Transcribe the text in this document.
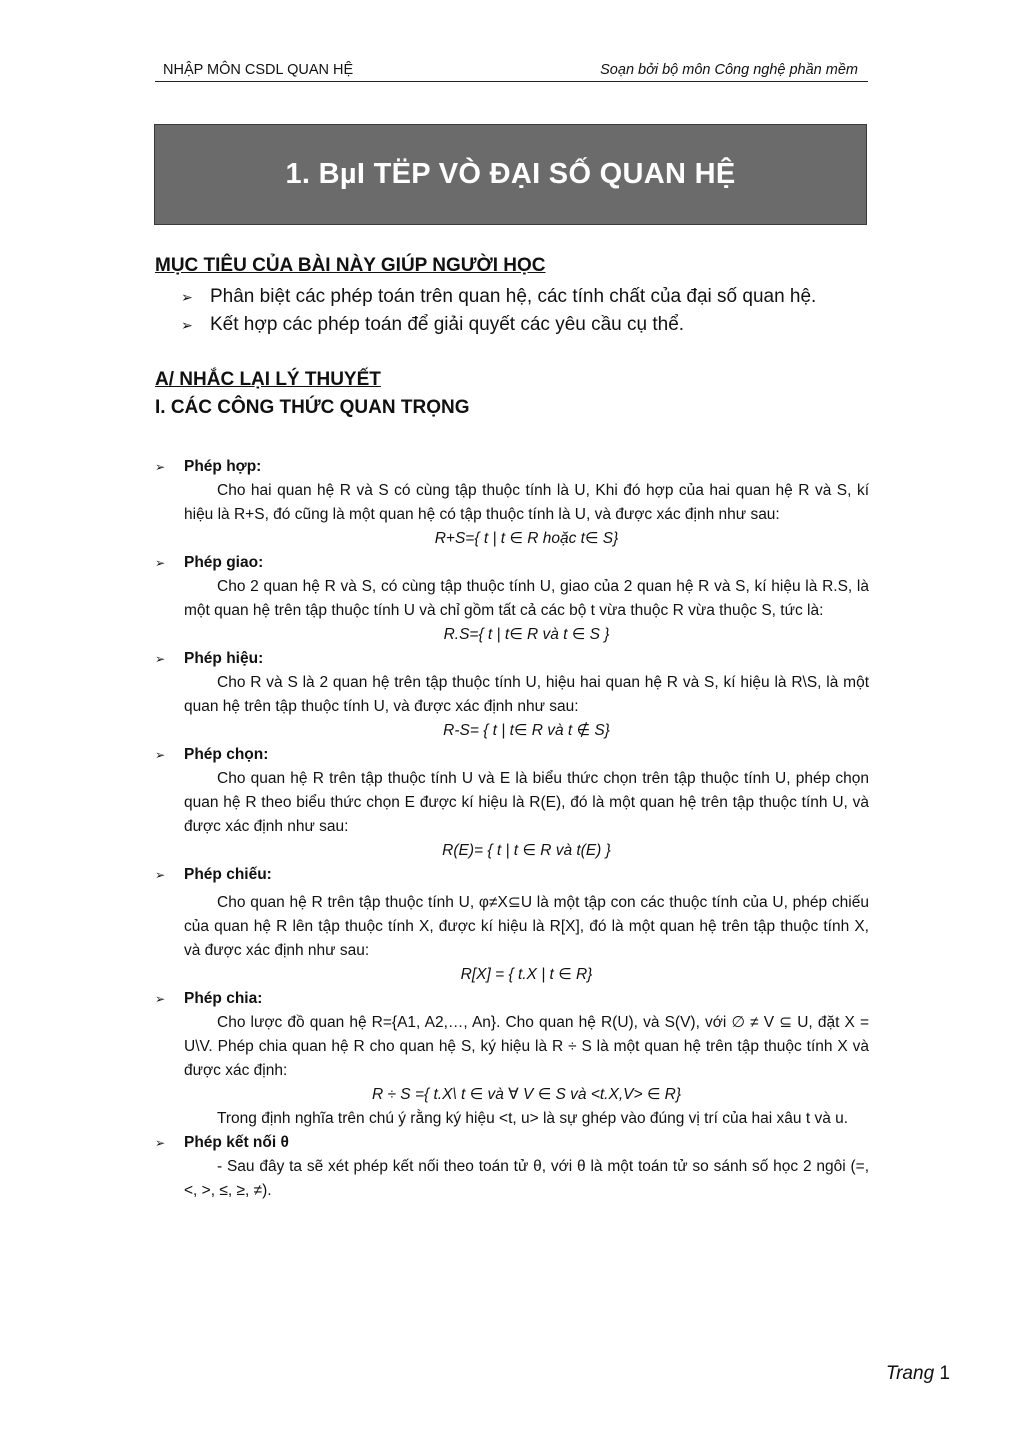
NHẬP MÔN CSDL QUAN HỆ	Soạn bởi bộ môn Công nghệ phần mềm
1. BµI TËP VÒ ĐẠI SỐ QUAN HỆ
MỤC TIÊU CỦA BÀI NÀY GIÚP NGƯỜI HỌC
➢ Phân biệt các phép toán trên quan hệ, các tính chất của đại số quan hệ.
➢ Kết hợp các phép toán để giải quyết các yêu cầu cụ thể.
A/ NHẮC LẠI LÝ THUYẾT
I. CÁC CÔNG THỨC QUAN TRỌNG
➢ Phép hợp:
Cho hai quan hệ R và S có cùng tập thuộc tính là U, Khi đó hợp của hai quan hệ R và S, kí hiệu là R+S, đó cũng là một quan hệ có tập thuộc tính là U, và được xác định như sau:
R+S={ t | t ∈ R hoặc t∈ S}
➢ Phép giao:
Cho 2 quan hệ R và S, có cùng tập thuộc tính U, giao của 2 quan hệ R và S, kí hiệu là R.S, là một quan hệ trên tập thuộc tính U và chỉ gồm tất cả các bộ t vừa thuộc R vừa thuộc S, tức là:
R.S={ t | t∈ R và t ∈ S }
➢ Phép hiệu:
Cho R và S là 2 quan hệ trên tập thuộc tính U, hiệu hai quan hệ R và S, kí hiệu là R\S, là một quan hệ trên tập thuộc tính U, và được xác định như sau:
R-S= { t | t∈ R và t ∉ S}
➢ Phép chọn:
Cho quan hệ R trên tập thuộc tính U và E là biểu thức chọn trên tập thuộc tính U, phép chọn quan hệ R theo biểu thức chọn E được kí hiệu là R(E), đó là một quan hệ trên tập thuộc tính U, và được xác định như sau:
R(E)= { t | t ∈ R và t(E) }
➢ Phép chiếu:
Cho quan hệ R trên tập thuộc tính U, φ≠X⊆U là một tập con các thuộc tính của U, phép chiếu của quan hệ R lên tập thuộc tính X, được kí hiệu là R[X], đó là một quan hệ trên tập thuộc tính X, và được xác định như sau:
R[X] = { t.X | t ∈ R}
➢ Phép chia:
Cho lược đồ quan hệ R={A1, A2,…, An}. Cho quan hệ R(U), và S(V), với ∅ ≠ V ⊆ U, đặt X = U\V. Phép chia quan hệ R cho quan hệ S, ký hiệu là R ÷ S là một quan hệ trên tập thuộc tính X và được xác định:
R ÷ S ={ t.X\ t ∈ và ∀ V ∈ S và <t.X,V> ∈ R}
Trong định nghĩa trên chú ý rằng ký hiệu <t, u> là sự ghép vào đúng vị trí của hai xâu t và u.
➢ Phép kết nối θ
- Sau đây ta sẽ xét phép kết nối theo toán tử θ, với θ là một toán tử so sánh số học 2 ngôi (=, <, >, ≤, ≥, ≠).
Trang 1
